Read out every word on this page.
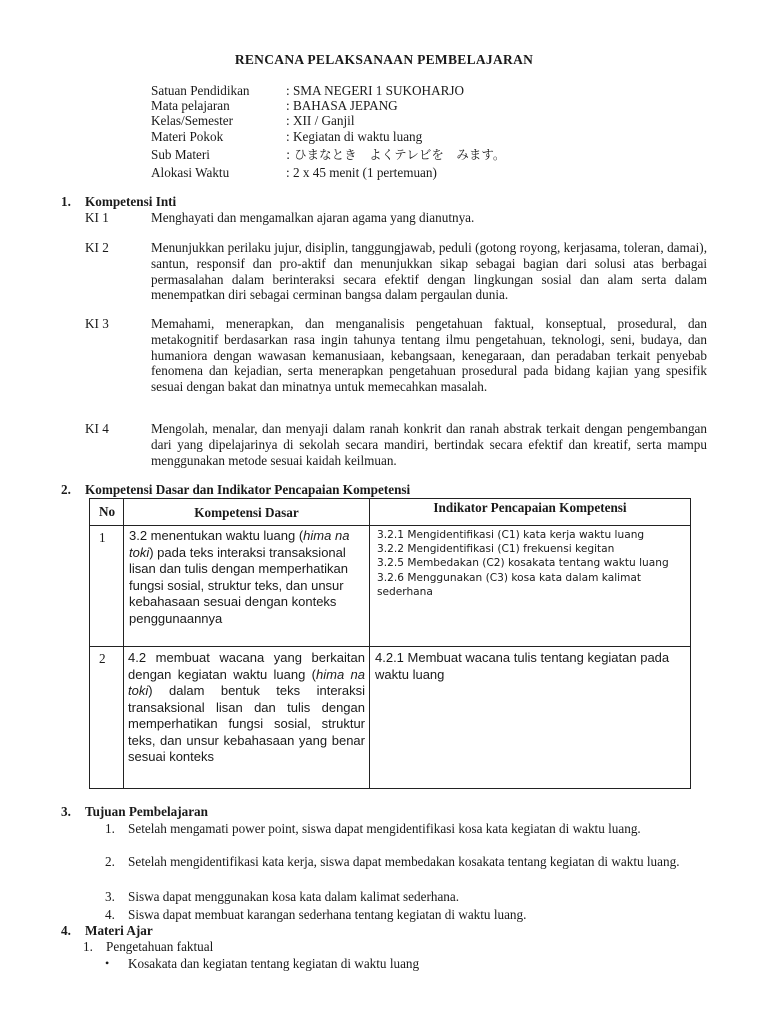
RENCANA PELAKSANAAN PEMBELAJARAN
Satuan Pendidikan	: SMA NEGERI 1 SUKOHARJO
Mata pelajaran	: BAHASA JEPANG
Kelas/Semester	: XII / Ganjil
Materi Pokok	: Kegiatan di waktu luang
Sub Materi	: ひまなとき　よくテレビを　みます。
Alokasi Waktu	: 2 x 45 menit (1 pertemuan)
1. Kompetensi Inti
KI 1	Menghayati dan mengamalkan ajaran agama yang dianutnya.
KI 2	Menunjukkan perilaku jujur, disiplin, tanggungjawab, peduli (gotong royong, kerjasama, toleran, damai), santun, responsif dan pro-aktif dan menunjukkan sikap sebagai bagian dari solusi atas berbagai permasalahan dalam berinteraksi secara efektif dengan lingkungan sosial dan alam serta dalam menempatkan diri sebagai cerminan bangsa dalam pergaulan dunia.
KI 3	Memahami, menerapkan, dan menganalisis pengetahuan faktual, konseptual, prosedural, dan metakognitif berdasarkan rasa ingin tahunya tentang ilmu pengetahuan, teknologi, seni, budaya, dan humaniora dengan wawasan kemanusiaan, kebangsaan, kenegaraan, dan peradaban terkait penyebab fenomena dan kejadian, serta menerapkan pengetahuan prosedural pada bidang kajian yang spesifik sesuai dengan bakat dan minatnya untuk memecahkan masalah.
KI 4	Mengolah, menalar, dan menyaji dalam ranah konkrit dan ranah abstrak terkait dengan pengembangan dari yang dipelajarinya di sekolah secara mandiri, bertindak secara efektif dan kreatif, serta mampu menggunakan metode sesuai kaidah keilmuan.
2. Kompetensi Dasar dan Indikator Pencapaian Kompetensi
No	Kompetensi Dasar	Indikator Pencapaian Kompetensi
1	3.2 menentukan waktu luang (hima na toki) pada teks interaksi transaksional lisan dan tulis dengan memperhatikan fungsi sosial, struktur teks, dan unsur kebahasaan sesuai dengan konteks penggunaannya	3.2.1 Mengidentifikasi (C1) kata kerja waktu luang
3.2.2 Mengidentifikasi (C1) frekuensi kegitan
3.2.5 Membedakan (C2) kosakata tentang waktu luang
3.2.6 Menggunakan (C3) kosa kata dalam kalimat sederhana

2	4.2 membuat wacana yang berkaitan dengan kegiatan waktu luang (hima na toki) dalam bentuk teks interaksi transaksional lisan dan tulis dengan memperhatikan fungsi sosial, struktur teks, dan unsur kebahasaan yang benar sesuai konteks	4.2.1 Membuat wacana tulis tentang kegiatan pada waktu luang
3. Tujuan Pembelajaran
1. Setelah mengamati power point, siswa dapat mengidentifikasi kosa kata kegiatan di waktu luang.
2. Setelah mengidentifikasi kata kerja, siswa dapat membedakan kosakata tentang kegiatan di waktu luang.
3. Siswa dapat menggunakan kosa kata dalam kalimat sederhana.
4. Siswa dapat membuat karangan sederhana tentang kegiatan di waktu luang.
4. Materi Ajar
1. Pengetahuan faktual
• Kosakata dan kegiatan tentang kegiatan di waktu luang
